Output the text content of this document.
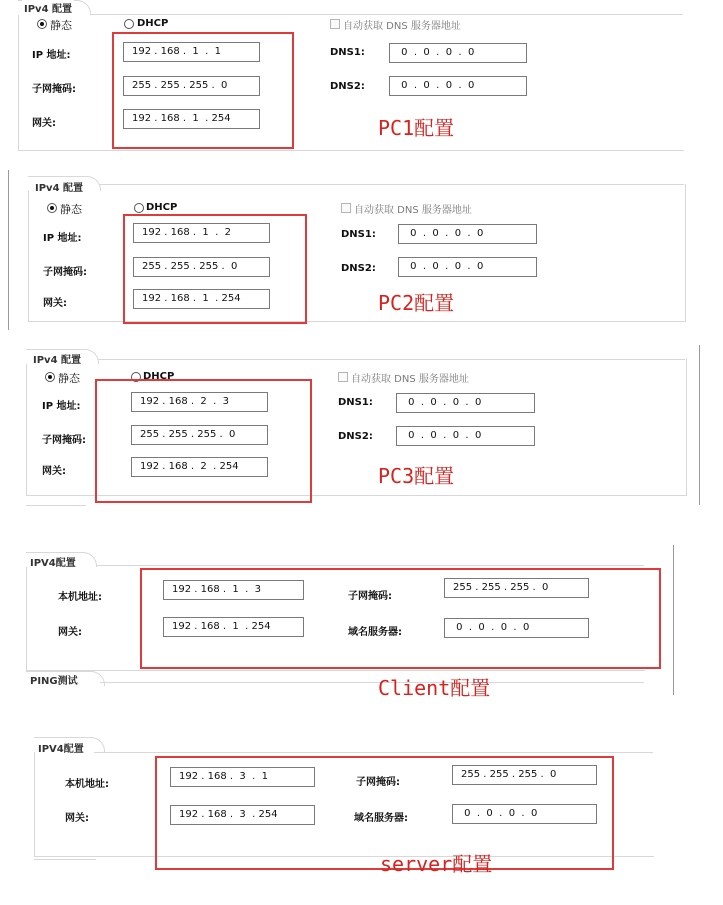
IPv4 配置
静态	DHCP	自动获取 DNS 服务器地址
IP 地址:	192 . 168 .  1  .  1
子网掩码:	255 . 255 . 255 .  0
网关:	192 . 168 .  1  . 254
DNS1:	0  .  0  .  0  .  0
DNS2:	0  .  0  .  0  .  0
PC1配置
IPv4 配置
静态	DHCP	自动获取 DNS 服务器地址
IP 地址:
192 . 168 .  1  .  2
子网掩码:
255 . 255 . 255 .  0
网关:	192 . 168 .  1  . 254
DNS1:	0  .  0  .  0  .  0
DNS2:	0  .  0  .  0  .  0
PC2配置
IPv4 配置
静态	DHCP	自动获取 DNS 服务器地址
IP 地址:	192 . 168 .  2  .  3
子网掩码:
255 . 255 . 255 .  0
网关:	192 . 168 .  2  . 254
DNS1:	0  .  0  .  0  .  0
DNS2:	0  .  0  .  0  .  0
PC3配置
IPV4配置
本机地址:
192 . 168 .  1  .  3
网关:
192 . 168 .  1  . 254
子网掩码:
255 . 255 . 255 .  0
域名服务器:	0  .  0  .  0  .  0
PING测试	Client配置
IPV4配置
本机地址:
192 . 168 .  3  .  1
网关:	192 . 168 .  3  . 254
子网掩码:
255 . 255 . 255 .  0
域名服务器:	0  .  0  .  0  .  0
server配置
